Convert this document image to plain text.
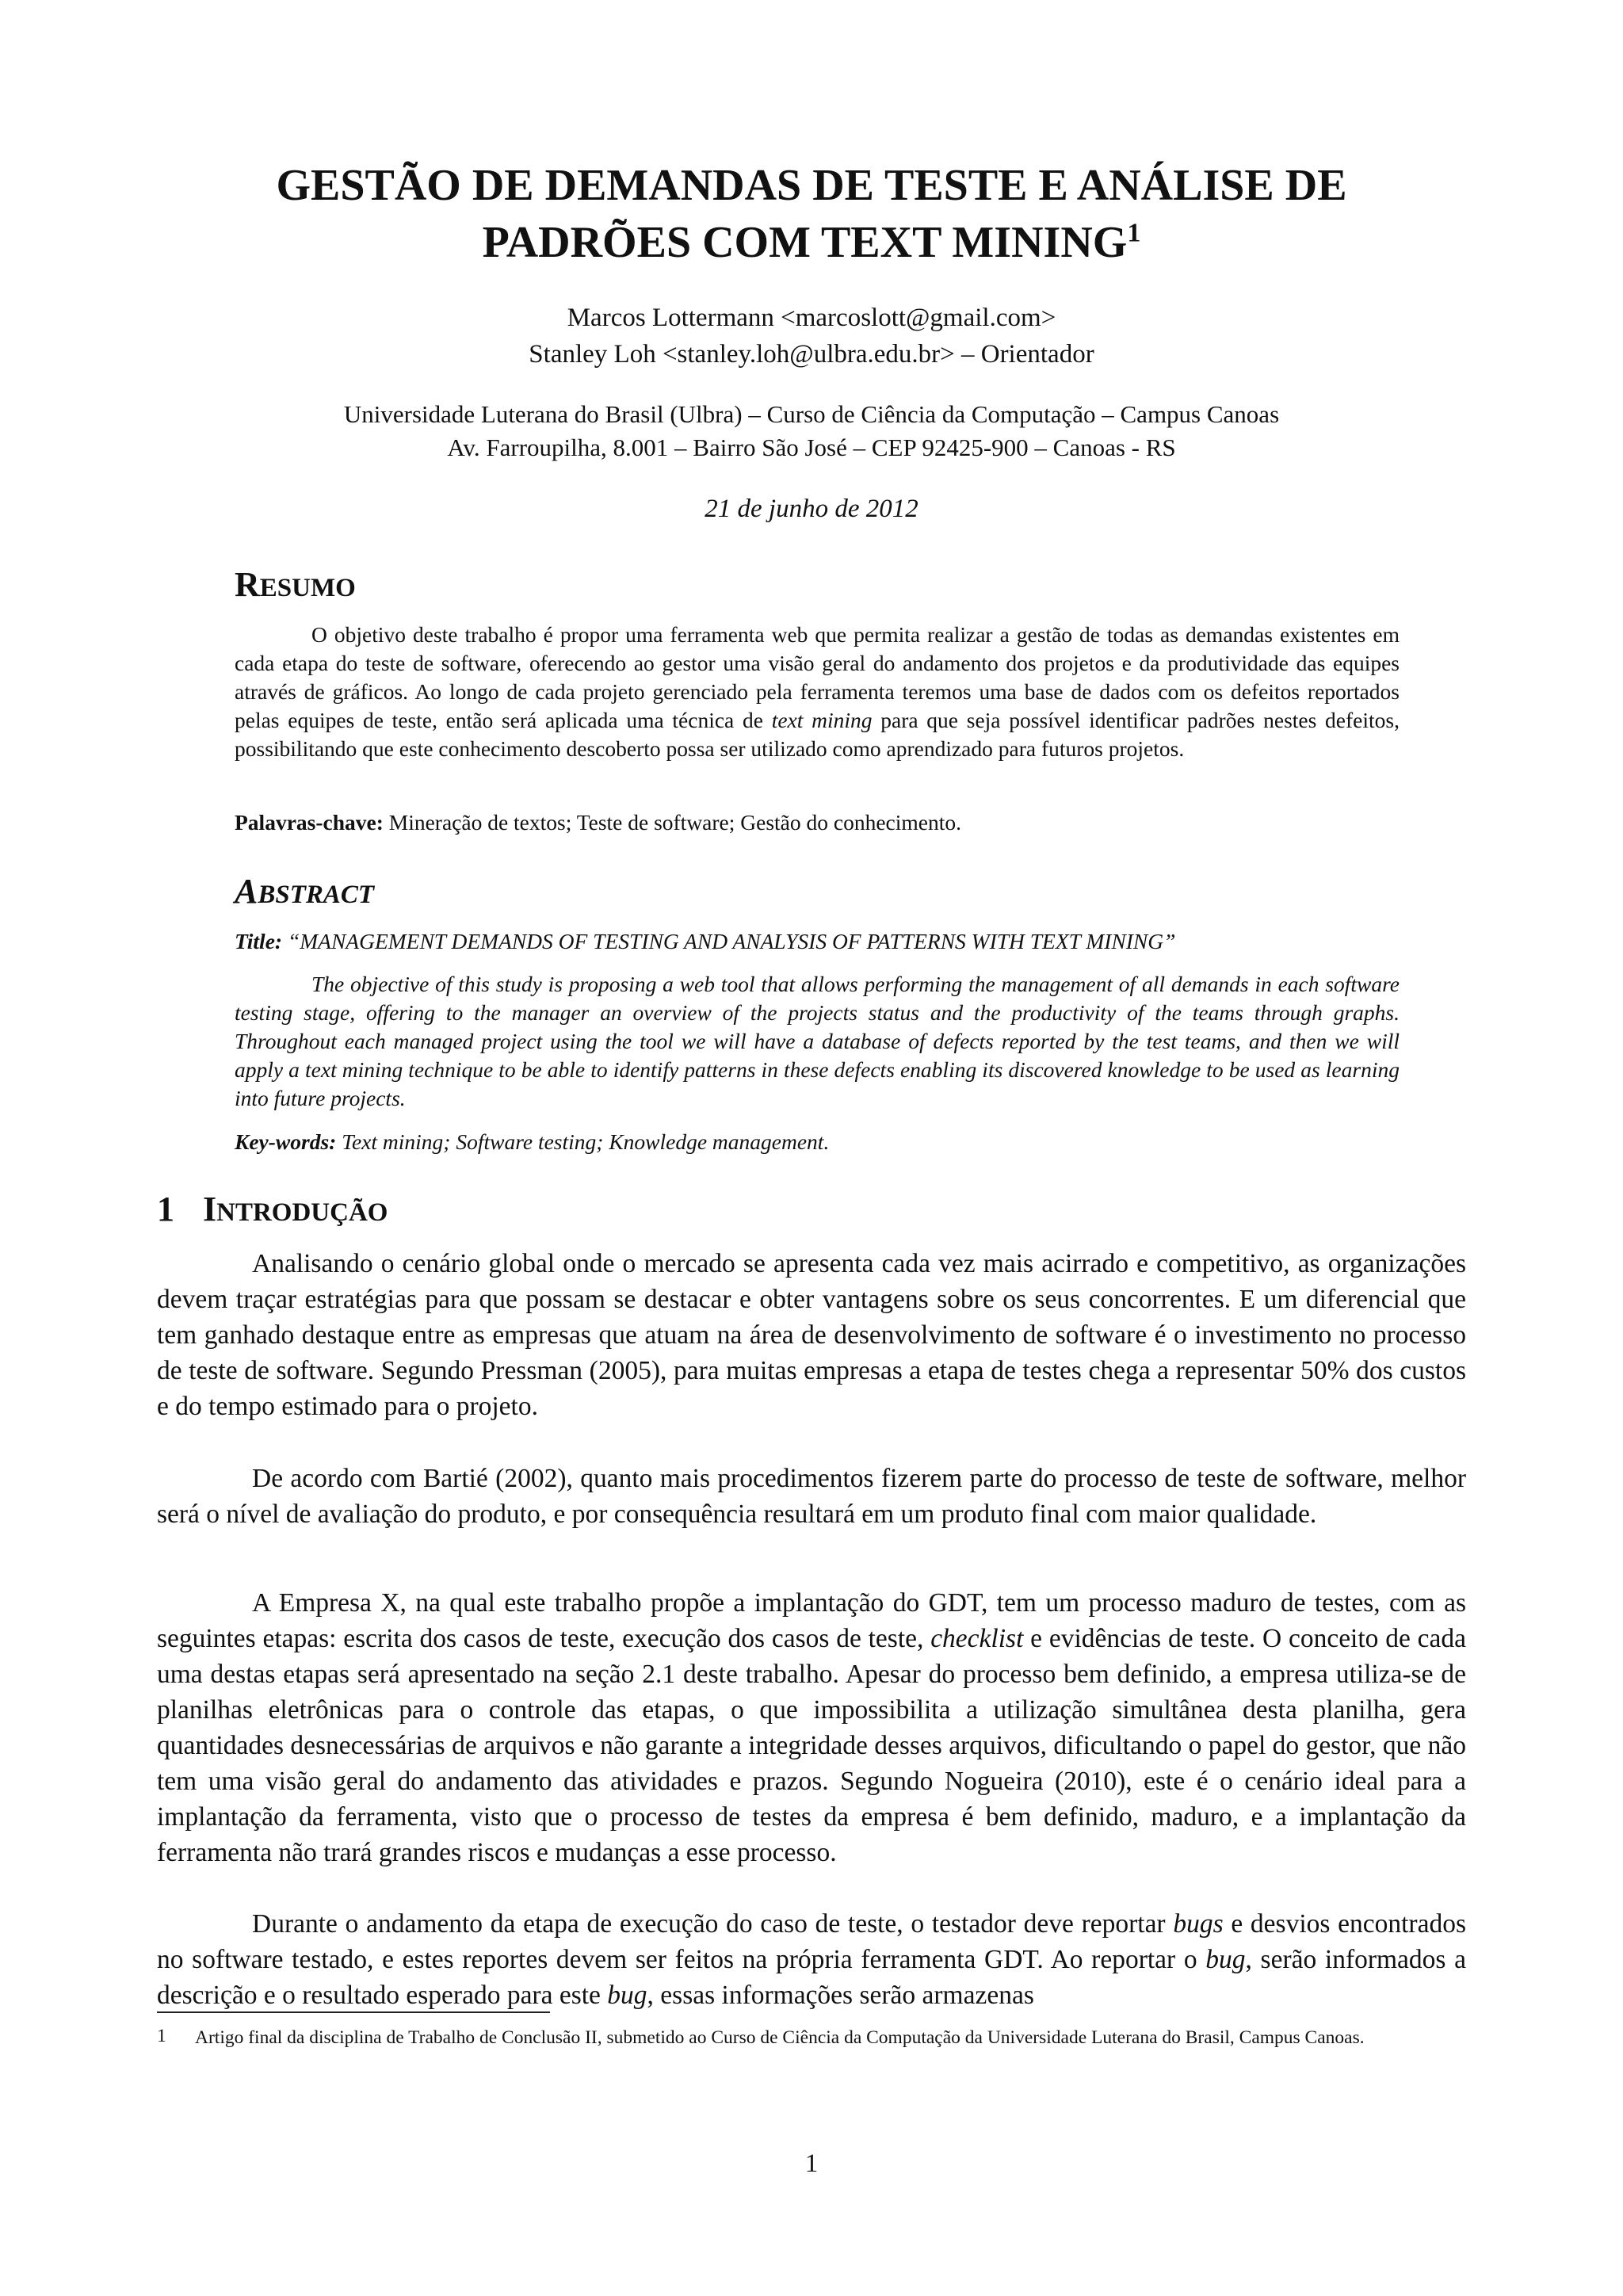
GESTÃO DE DEMANDAS DE TESTE E ANÁLISE DE
PADRÕES COM TEXT MINING$^1$
Marcos Lottermann <marcoslott@gmail.com>
Stanley Loh <stanley.loh@ulbra.edu.br> – Orientador
Universidade Luterana do Brasil (Ulbra) – Curso de Ciência da Computação – Campus Canoas
Av. Farroupilha, 8.001 – Bairro São José – CEP 92425-900 – Canoas - RS
21 de junho de 2012
RESUMO

O objetivo deste trabalho é propor uma ferramenta web que permita realizar a gestão de todas as demandas existentes em cada etapa do teste de software, oferecendo ao gestor uma visão geral do andamento dos projetos e da produtividade das equipes através de gráficos. Ao longo de cada projeto gerenciado pela ferramenta teremos uma base de dados com os defeitos reportados pelas equipes de teste, então será aplicada uma técnica de text mining para que seja possível identificar padrões nestes defeitos, possibilitando que este conhecimento descoberto possa ser utilizado como aprendizado para futuros projetos.

Palavras-chave: Mineração de textos; Teste de software; Gestão do conhecimento.
ABSTRACT
Title: “MANAGEMENT DEMANDS OF TESTING AND ANALYSIS OF PATTERNS WITH TEXT MINING”

The objective of this study is proposing a web tool that allows performing the management of all demands in each software testing stage, offering to the manager an overview of the projects status and the productivity of the teams through graphs. Throughout each managed project using the tool we will have a database of defects reported by the test teams, and then we will apply a text mining technique to be able to identify patterns in these defects enabling its discovered knowledge to be used as learning into future projects.

Key-words: Text mining; Software testing; Knowledge management.
1 INTRODUÇÃO

Analisando o cenário global onde o mercado se apresenta cada vez mais acirrado e competitivo, as organizações devem traçar estratégias para que possam se destacar e obter vantagens sobre os seus concorrentes. E um diferencial que tem ganhado destaque entre as empresas que atuam na área de desenvolvimento de software é o investimento no processo de teste de software. Segundo Pressman (2005), para muitas empresas a etapa de testes chega a representar 50% dos custos e do tempo estimado para o projeto.

De acordo com Bartié (2002), quanto mais procedimentos fizerem parte do processo de teste de software, melhor será o nível de avaliação do produto, e por consequência resultará em um produto final com maior qualidade.

A Empresa X, na qual este trabalho propõe a implantação do GDT, tem um processo maduro de testes, com as seguintes etapas: escrita dos casos de teste, execução dos casos de teste, checklist e evidências de teste. O conceito de cada uma destas etapas será apresentado na seção 2.1 deste trabalho. Apesar do processo bem definido, a empresa utiliza-se de planilhas eletrônicas para o controle das etapas, o que impossibilita a utilização simultânea desta planilha, gera quantidades desnecessárias de arquivos e não garante a integridade desses arquivos, dificultando o papel do gestor, que não tem uma visão geral do andamento das atividades e prazos. Segundo Nogueira (2010), este é o cenário ideal para a implantação da ferramenta, visto que o processo de testes da empresa é bem definido, maduro, e a implantação da ferramenta não trará grandes riscos e mudanças a esse processo.

Durante o andamento da etapa de execução do caso de teste, o testador deve reportar bugs e desvios encontrados no software testado, e estes reportes devem ser feitos na própria ferramenta GDT. Ao reportar o bug, serão informados a descrição e o resultado esperado para este bug, essas informações serão armazenas

1 Artigo final da disciplina de Trabalho de Conclusão II, submetido ao Curso de Ciência da Computação da Universidade Luterana do Brasil, Campus Canoas.
1
